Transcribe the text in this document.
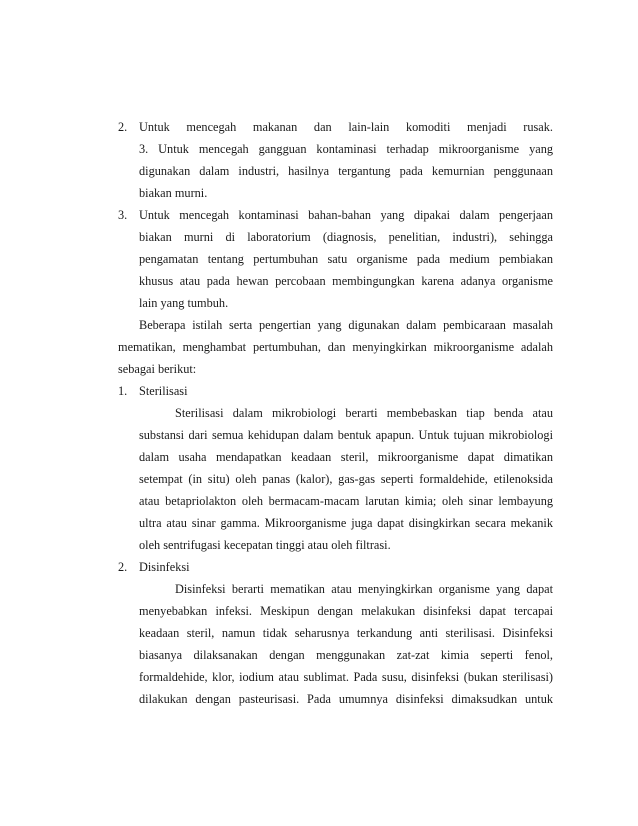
2. Untuk mencegah makanan dan lain-lain komoditi menjadi rusak.
3. Untuk mencegah gangguan kontaminasi terhadap mikroorganisme yang
digunakan dalam industri, hasilnya tergantung pada kemurnian penggunaan
biakan murni.
3. Untuk mencegah kontaminasi bahan-bahan yang dipakai dalam pengerjaan
biakan murni di laboratorium (diagnosis, penelitian, industri), sehingga
pengamatan tentang pertumbuhan satu organisme pada medium pembiakan
khusus atau pada hewan percobaan membingungkan karena adanya organisme
lain yang tumbuh.
Beberapa istilah serta pengertian yang digunakan dalam pembicaraan masalah
mematikan, menghambat pertumbuhan, dan menyingkirkan mikroorganisme adalah
sebagai berikut:
1. Sterilisasi
Sterilisasi dalam mikrobiologi berarti membebaskan tiap benda atau
substansi dari semua kehidupan dalam bentuk apapun. Untuk tujuan mikrobiologi
dalam usaha mendapatkan keadaan steril, mikroorganisme dapat dimatikan
setempat (in situ) oleh panas (kalor), gas-gas seperti formaldehide, etilenoksida
atau betapriolakton oleh bermacam-macam larutan kimia; oleh sinar lembayung
ultra atau sinar gamma. Mikroorganisme juga dapat disingkirkan secara mekanik
oleh sentrifugasi kecepatan tinggi atau oleh filtrasi.
2. Disinfeksi
Disinfeksi berarti mematikan atau menyingkirkan organisme yang dapat
menyebabkan infeksi. Meskipun dengan melakukan disinfeksi dapat tercapai
keadaan steril, namun tidak seharusnya terkandung anti sterilisasi. Disinfeksi
biasanya dilaksanakan dengan menggunakan zat-zat kimia seperti fenol,
formaldehide, klor, iodium atau sublimat. Pada susu, disinfeksi (bukan sterilisasi)
dilakukan dengan pasteurisasi. Pada umumnya disinfeksi dimaksudkan untuk
